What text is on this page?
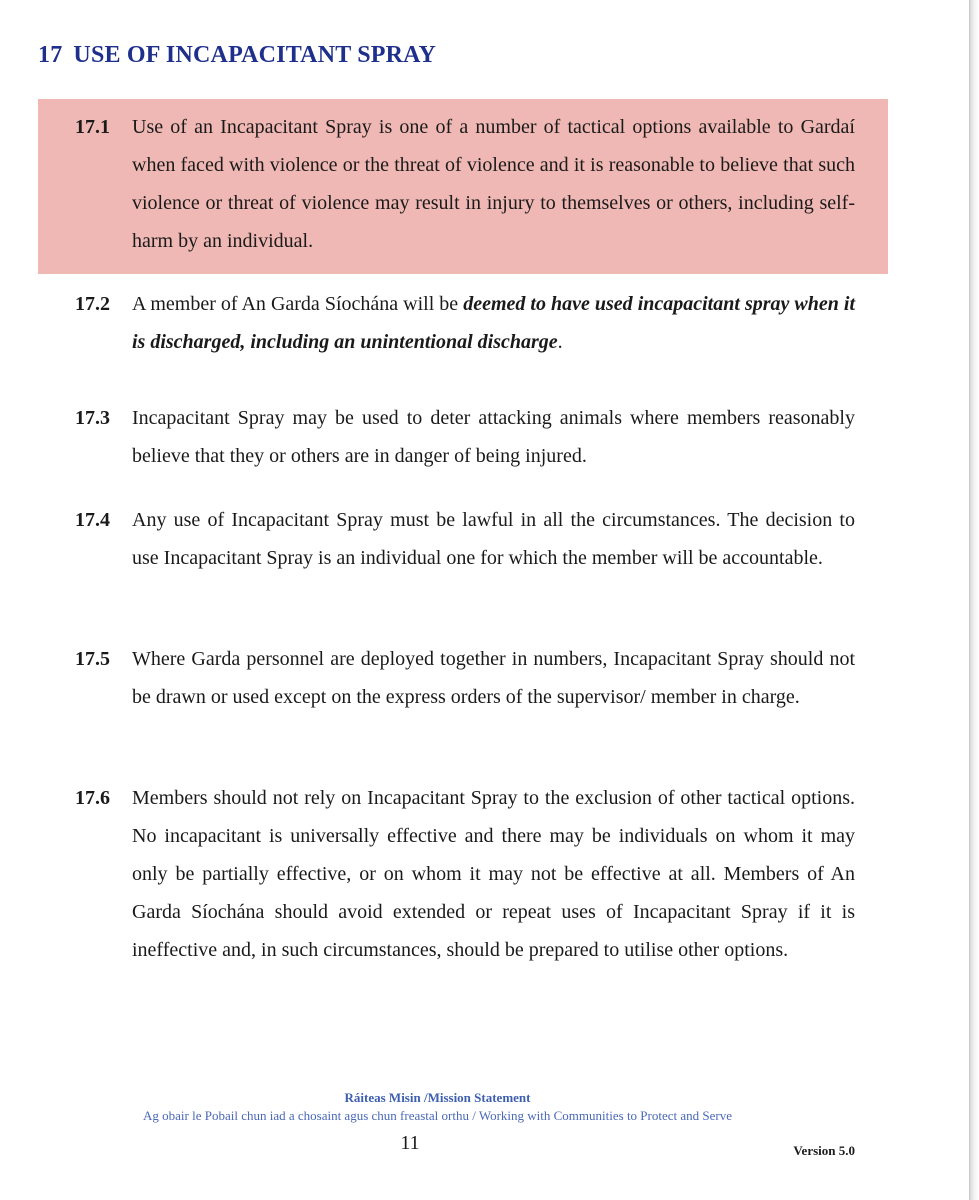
17 USE OF INCAPACITANT SPRAY
17.1	Use of an Incapacitant Spray is one of a number of tactical options available to Gardaí when faced with violence or the threat of violence and it is reasonable to believe that such violence or threat of violence may result in injury to themselves or others, including self-harm by an individual.
17.2	A member of An Garda Síochána will be deemed to have used incapacitant spray when it is discharged, including an unintentional discharge.
17.3	Incapacitant Spray may be used to deter attacking animals where members reasonably believe that they or others are in danger of being injured.
17.4	Any use of Incapacitant Spray must be lawful in all the circumstances. The decision to use Incapacitant Spray is an individual one for which the member will be accountable.
17.5	Where Garda personnel are deployed together in numbers, Incapacitant Spray should not be drawn or used except on the express orders of the supervisor/ member in charge.
17.6	Members should not rely on Incapacitant Spray to the exclusion of other tactical options. No incapacitant is universally effective and there may be individuals on whom it may only be partially effective, or on whom it may not be effective at all. Members of An Garda Síochána should avoid extended or repeat uses of Incapacitant Spray if it is ineffective and, in such circumstances, should be prepared to utilise other options.
Ráiteas Misin /Mission Statement
Ag obair le Pobail chun iad a chosaint agus chun freastal orthu / Working with Communities to Protect and Serve
11	Version 5.0
